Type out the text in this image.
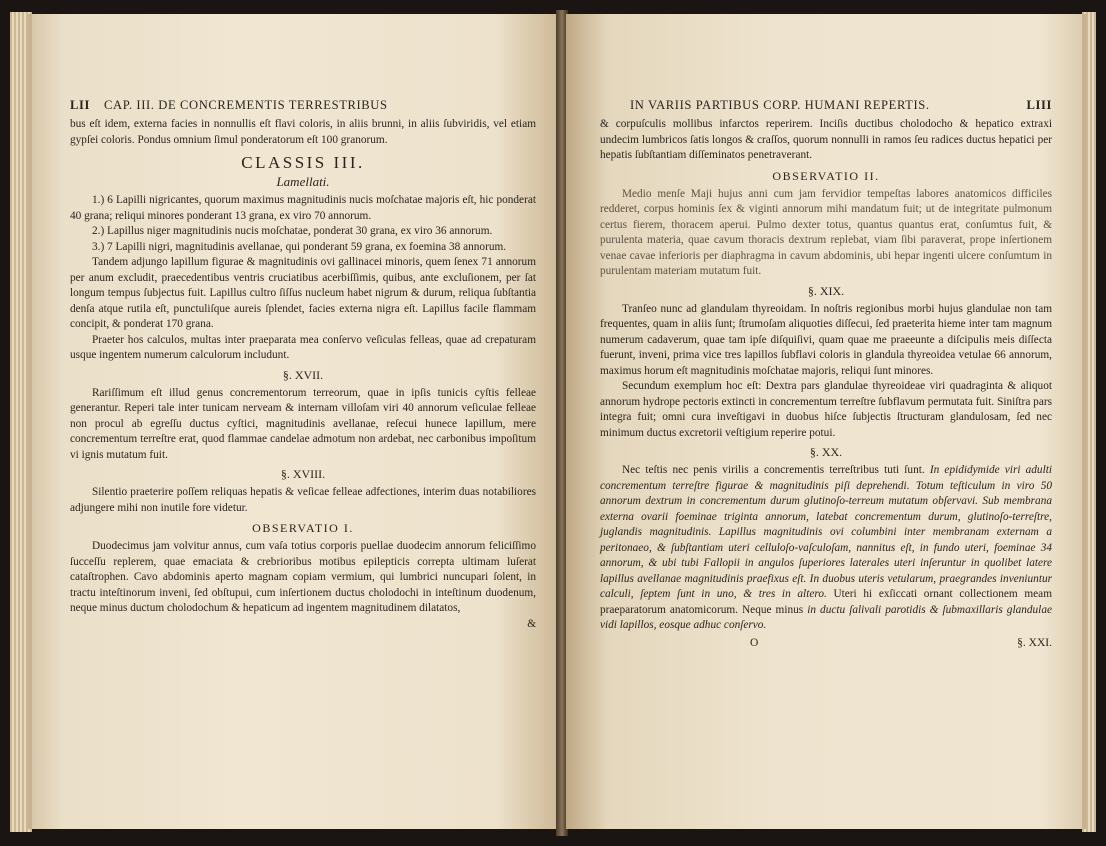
LII	CAP. III. DE CONCREMENTIS TERRESTRIBUS

bus eſt idem, externa facies in nonnullis eſt flavi coloris, in aliis brunni, in aliis ſubviridis, vel etiam gypſei coloris. Pondus omnium ſimul ponderatorum eſt 100 granorum.

CLASSIS III.
Lamellati.

1.) 6 Lapilli nigricantes, quorum maximus magnitudinis nucis moſchatae majoris eſt, hic ponderat 40 grana; reliqui minores ponderant 13 grana, ex viro 70 annorum.

2.) Lapillus niger magnitudinis nucis moſchatae, ponderat 30 grana, ex viro 36 annorum.

3.) 7 Lapilli nigri, magnitudinis avellanae, qui ponderant 59 grana, ex foemina 38 annorum.

Tandem adjungo lapillum figurae & magnitudinis ovi gallinacei minoris, quem ſenex 71 annorum per anum excludit, praecedentibus ventris cruciatibus acerbiſſimis, quibus, ante excluſionem, per ſat longum tempus ſubjectus fuit. Lapillus cultro ſiſſus nucleum habet nigrum & durum, reliqua ſubſtantia denſa atque rutila eſt, punctuliſque aureis ſplendet, facies externa nigra eſt. Lapillus facile flammam concipit, & ponderat 170 grana.

Praeter hos calculos, multas inter praeparata mea conſervo veſiculas felleas, quae ad crepaturam usque ingentem numerum calculorum includunt.

§. XVII.

Rariſſimum eſt illud genus concrementorum terreorum, quae in ipſis tunicis cyſtis felleae generantur. Reperi tale inter tunicam nerveam & internam villoſam viri 40 annorum veſiculae felleae non procul ab egreſſu ductus cyſtici, magnitudinis avellanae, reſecui hunece lapillum, mere concrementum terreſtre erat, quod flammae candelae admotum non ardebat, nec carbonibus impoſitum vi ignis mutatum fuit.

§. XVIII.

Silentio praeterire poſſem reliquas hepatis & veſicae felleae adfectiones, interim duas notabiliores adjungere mihi non inutile fore videtur.

OBSERVATIO I.

Duodecimus jam volvitur annus, cum vaſa totius corporis puellae duodecim annorum feliciſſimo ſucceſſu replerem, quae emaciata & crebrioribus motibus epilepticis correpta ultimam luſerat cataſtrophen. Cavo abdominis aperto magnam copiam vermium, qui lumbrici nuncupari ſolent, in tractu inteſtinorum inveni, ſed obſtupui, cum inſertionem ductus cholodochi in inteſtinum duodenum, neque minus ductum cholodochum & hepaticum ad ingentem magnitudinem dilatatos,

&
IN VARIIS PARTIBUS CORP. HUMANI REPERTIS.	LIII

& corpuſculis mollibus infarctos reperirem. Inciſis ductibus cholodocho & hepatico extraxi undecim lumbricos ſatis longos & craſſos, quorum nonnulli in ramos ſeu radices ductus hepatici per hepatis ſubſtantiam diſſeminatos penetraverant.

OBSERVATIO II.

Medio menſe Maji hujus anni cum jam fervidior tempeſtas labores anatomicos difficiles redderet, corpus hominis ſex & viginti annorum mihi mandatum fuit; ut de integritate pulmonum certus fierem, thoracem aperui. Pulmo dexter totus, quantus quantus erat, conſumtus fuit, & purulenta materia, quae cavum thoracis dextrum replebat, viam ſibi paraverat, prope inſertionem venae cavae inferioris per diaphragma in cavum abdominis, ubi hepar ingenti ulcere conſumtum in purulentam materiam mutatum fuit.

§. XIX.

Tranſeo nunc ad glandulam thyreoidam. In noſtris regionibus morbi hujus glandulae non tam frequentes, quam in aliis ſunt; ſtrumoſam aliquoties diſſecui, ſed praeterita hieme inter tam magnum numerum cadaverum, quae tam ipſe diſquiſivi, quam quae me praeeunte a diſcipulis meis diſſecta fuerunt, inveni, prima vice tres lapillos ſubflavi coloris in glandula thyreoidea vetulae 66 annorum, maximus horum eſt magnitudinis moſchatae majoris, reliqui ſunt minores.

Secundum exemplum hoc eſt: Dextra pars glandulae thyreoideae viri quadraginta & aliquot annorum hydrope pectoris extincti in concrementum terreſtre ſubflavum permutata fuit. Siniſtra pars integra fuit; omni cura inveſtigavi in duobus hiſce ſubjectis ſtructuram glandulosam, ſed nec minimum ductus excretorii veſtigium reperire potui.

§. XX.

Nec teſtis nec penis virilis a concrementis terreſtribus tuti ſunt. In epididymide viri adulti concrementum terreſtre figurae & magnitudinis piſi deprehendi. Totum teſticulum in viro 50 annorum dextrum in concrementum durum glutinoſo-terreum mutatum obſervavi. Sub membrana externa ovarii foeminae triginta annorum, latebat concrementum durum, glutinoſo-terreſtre, juglandis magnitudinis. Lapillus magnitudinis ovi columbini inter membranam externam a peritonaeo, & ſubſtantiam uteri celluloſo-vaſculoſam, nannitus eſt, in fundo uteri, foeminae 34 annorum, & ubi tubi Fallopii in angulos ſuperiores laterales uteri inſeruntur in quolibet latere lapillus avellanae magnitudinis praefixus eſt. In duobus uteris vetularum, praegrandes inveniuntur calculi, ſeptem ſunt in uno, & tres in altero. Uteri hi exſiccati ornant collectionem meam praeparatorum anatomicorum. Neque minus in ductu ſalivali parotidis & ſubmaxillaris glandulae vidi lapillos, eosque adhuc conſervo.

O	§. XXI.
